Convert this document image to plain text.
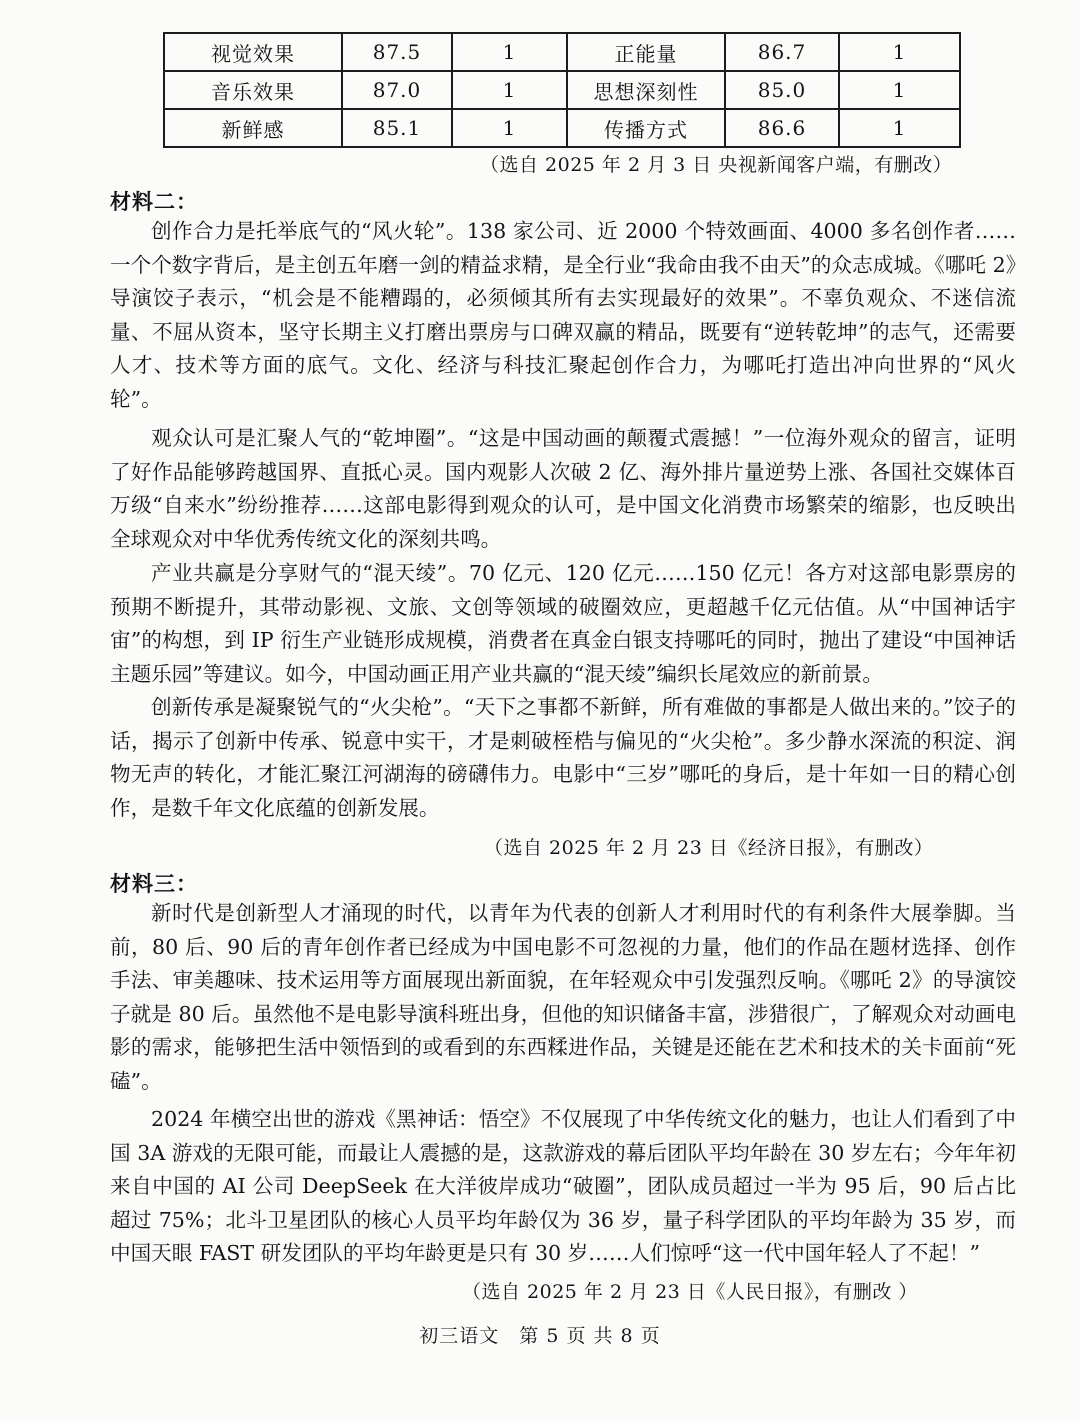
视觉效果	87.5	1	正能量	86.7	1
音乐效果	87.0	1	思想深刻性	85.0	1
新鲜感	85.1	1	传播方式	86.6	1
（选自 2025 年 2 月 3 日 央视新闻客户端，有删改）
材料二：

创作合力是托举底气的“风火轮”。138 家公司、近 2000 个特效画面、4000 多名创作者……一个个数字背后，是主创五年磨一剑的精益求精，是全行业“我命由我不由天”的众志成城。《哪吒 2》导演饺子表示，“机会是不能糟蹋的，必须倾其所有去实现最好的效果”。不辜负观众、不迷信流量、不屈从资本，坚守长期主义打磨出票房与口碑双赢的精品，既要有“逆转乾坤”的志气，还需要人才、技术等方面的底气。文化、经济与科技汇聚起创作合力，为哪吒打造出冲向世界的“风火轮”。

观众认可是汇聚人气的“乾坤圈”。“这是中国动画的颠覆式震撼！”一位海外观众的留言，证明了好作品能够跨越国界、直抵心灵。国内观影人次破 2 亿、海外排片量逆势上涨、各国社交媒体百万级“自来水”纷纷推荐……这部电影得到观众的认可，是中国文化消费市场繁荣的缩影，也反映出全球观众对中华优秀传统文化的深刻共鸣。

产业共赢是分享财气的“混天绫”。70 亿元、120 亿元……150 亿元！各方对这部电影票房的预期不断提升，其带动影视、文旅、文创等领域的破圈效应，更超越千亿元估值。从“中国神话宇宙”的构想，到 IP 衍生产业链形成规模，消费者在真金白银支持哪吒的同时，抛出了建设“中国神话主题乐园”等建议。如今，中国动画正用产业共赢的“混天绫”编织长尾效应的新前景。

创新传承是凝聚锐气的“火尖枪”。“天下之事都不新鲜，所有难做的事都是人做出来的。”饺子的话，揭示了创新中传承、锐意中实干，才是刺破桎梏与偏见的“火尖枪”。多少静水深流的积淀、润物无声的转化，才能汇聚江河湖海的磅礴伟力。电影中“三岁”哪吒的身后，是十年如一日的精心创作，是数千年文化底蕴的创新发展。

（选自 2025 年 2 月 23 日《经济日报》，有删改）
材料三：

新时代是创新型人才涌现的时代，以青年为代表的创新人才利用时代的有利条件大展拳脚。当前，80 后、90 后的青年创作者已经成为中国电影不可忽视的力量，他们的作品在题材选择、创作手法、审美趣味、技术运用等方面展现出新面貌，在年轻观众中引发强烈反响。《哪吒 2》的导演饺子就是 80 后。虽然他不是电影导演科班出身，但他的知识储备丰富，涉猎很广，了解观众对动画电影的需求，能够把生活中领悟到的或看到的东西糅进作品，关键是还能在艺术和技术的关卡面前“死磕”。

2024 年横空出世的游戏《黑神话：悟空》不仅展现了中华传统文化的魅力，也让人们看到了中国 3A 游戏的无限可能，而最让人震撼的是，这款游戏的幕后团队平均年龄在 30 岁左右；今年年初来自中国的 AI 公司 DeepSeek 在大洋彼岸成功“破圈”，团队成员超过一半为 95 后，90 后占比超过 75%；北斗卫星团队的核心人员平均年龄仅为 36 岁，量子科学团队的平均年龄为 35 岁，而中国天眼 FAST 研发团队的平均年龄更是只有 30 岁……人们惊呼“这一代中国年轻人了不起！”

（选自 2025 年 2 月 23 日《人民日报》，有删改 ）
初三语文　第 5 页 共 8 页
